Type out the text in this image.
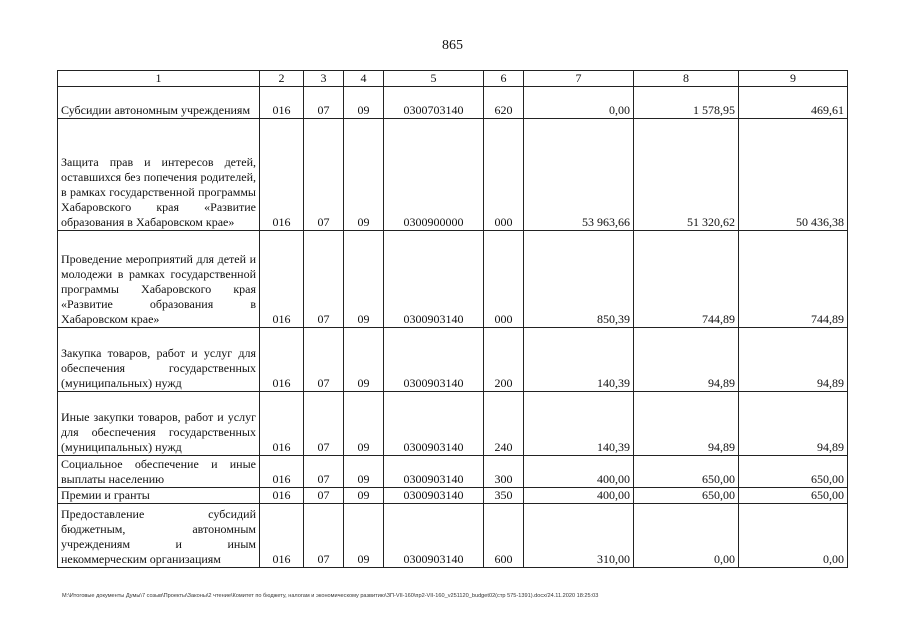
865
1	2	3	4	5	6	7	8	9
Субсидии автономным учреждениям	016	07	09	0300703140	620	0,00	1 578,95	469,61
Защита прав и интересов детей, оставшихся без попечения родителей, в рамках государственной программы Хабаровского края «Развитие образования в Хабаровском крае»	016	07	09	0300900000	000	53 963,66	51 320,62	50 436,38
Проведение мероприятий для детей и молодежи в рамках государственной программы Хабаровского края «Развитие образования в Хабаровском крае»	016	07	09	0300903140	000	850,39	744,89	744,89
Закупка товаров, работ и услуг для обеспечения государственных (муниципальных) нужд	016	07	09	0300903140	200	140,39	94,89	94,89
Иные закупки товаров, работ и услуг для обеспечения государственных (муниципальных) нужд	016	07	09	0300903140	240	140,39	94,89	94,89
Социальное обеспечение и иные выплаты населению	016	07	09	0300903140	300	400,00	650,00	650,00
Премии и гранты	016	07	09	0300903140	350	400,00	650,00	650,00
Предоставление субсидий бюджетным, автономным учреждениям и иным некоммерческим организациям	016	07	09	0300903140	600	310,00	0,00	0,00
M:\Итоговые документы Думы\7 созыв\Проекты\Законы\2 чтение\Комитет по бюджету, налогам и экономическому развитию\ЗП-VII-160\пр2-VII-160_v251120_budget02(стр 575-1391).docx/24.11.2020 18:25:03
